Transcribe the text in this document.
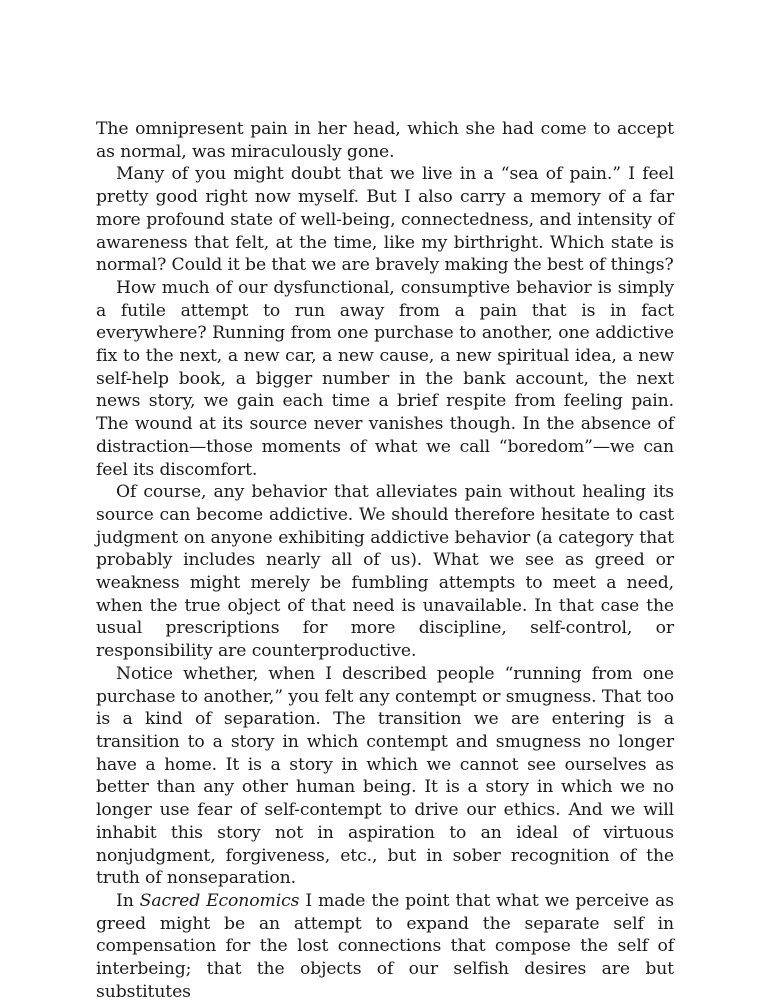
The omnipresent pain in her head, which she had come to accept as normal, was miraculously gone.

Many of you might doubt that we live in a “sea of pain.” I feel pretty good right now myself. But I also carry a memory of a far more profound state of well-being, connectedness, and intensity of awareness that felt, at the time, like my birthright. Which state is normal? Could it be that we are bravely making the best of things?

How much of our dysfunctional, consumptive behavior is simply a futile attempt to run away from a pain that is in fact everywhere? Running from one purchase to another, one addictive fix to the next, a new car, a new cause, a new spiritual idea, a new self-help book, a bigger number in the bank account, the next news story, we gain each time a brief respite from feeling pain. The wound at its source never vanishes though. In the absence of distraction—those moments of what we call “boredom”—we can feel its discomfort.

Of course, any behavior that alleviates pain without healing its source can become addictive. We should therefore hesitate to cast judgment on anyone exhibiting addictive behavior (a category that probably includes nearly all of us). What we see as greed or weakness might merely be fumbling attempts to meet a need, when the true object of that need is unavailable. In that case the usual prescriptions for more discipline, self-control, or responsibility are counterproductive.

Notice whether, when I described people “running from one purchase to another,” you felt any contempt or smugness. That too is a kind of separation. The transition we are entering is a transition to a story in which contempt and smugness no longer have a home. It is a story in which we cannot see ourselves as better than any other human being. It is a story in which we no longer use fear of self-contempt to drive our ethics. And we will inhabit this story not in aspiration to an ideal of virtuous nonjudgment, forgiveness, etc., but in sober recognition of the truth of nonseparation.

In Sacred Economics I made the point that what we perceive as greed might be an attempt to expand the separate self in compensation for the lost connections that compose the self of interbeing; that the objects of our selfish desires are but substitutes
